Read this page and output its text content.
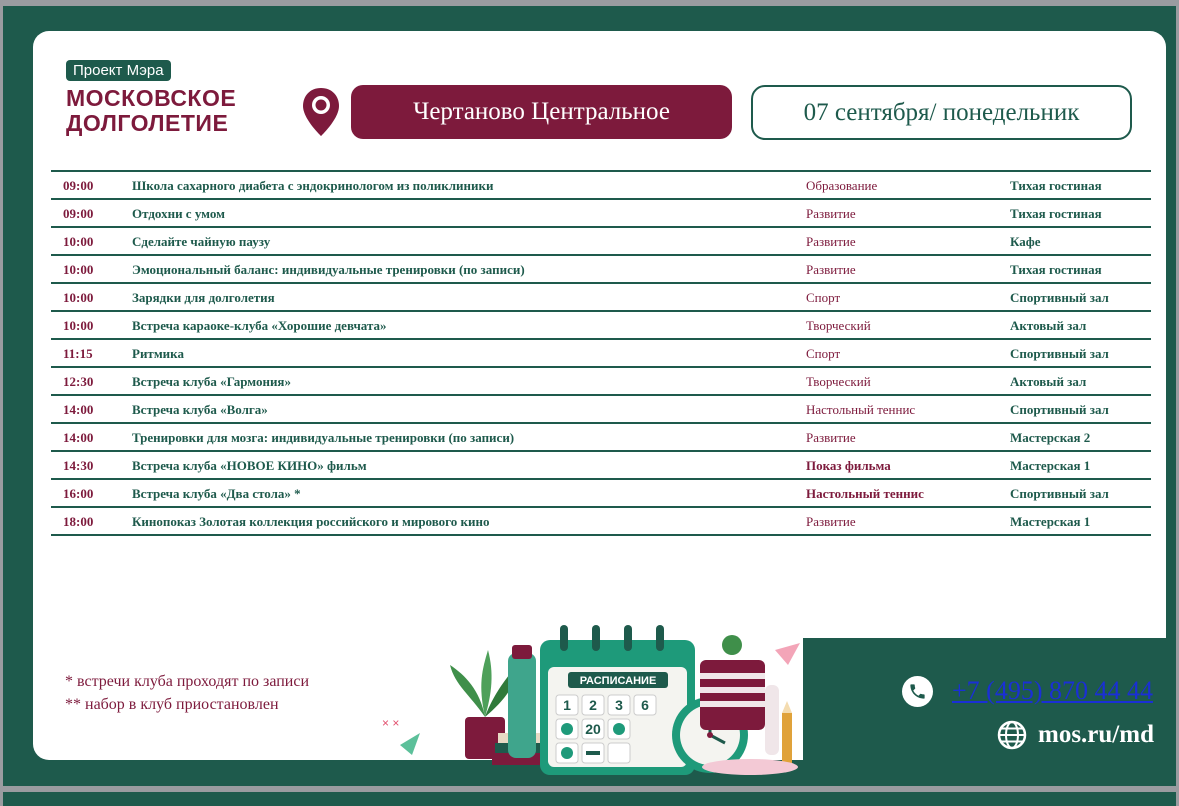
Проект Мэра
МОСКОВСКОЕ
ДОЛГОЛЕТИЕ	Чертаново Центральное	07 сентября/ понедельник
09:00	Школа сахарного диабета с эндокринологом из поликлиники	Образование	Тихая гостиная
09:00	Отдохни с умом	Развитие	Тихая гостиная
10:00	Сделайте чайную паузу	Развитие	Кафе
10:00	Эмоциональный баланс: индивидуальные тренировки (по записи)	Развитие	Тихая гостиная
10:00	Зарядки для долголетия	Спорт	Спортивный зал
10:00	Встреча караоке-клуба «Хорошие девчата»	Творческий	Актовый зал
11:15	Ритмика	Спорт	Спортивный зал
12:30	Встреча клуба «Гармония»	Творческий	Актовый зал
14:00	Встреча клуба «Волга»	Настольный теннис	Спортивный зал
14:00	Тренировки для мозга: индивидуальные тренировки (по записи)	Развитие	Мастерская 2
14:30	Встреча клуба «НОВОЕ КИНО» фильм	Показ фильма	Мастерская 1
16:00	Встреча клуба «Два стола» *	Настольный теннис	Спортивный зал
18:00	Кинопоказ Золотая коллекция российского и мирового кино	Развитие	Мастерская 1
* встречи клуба проходят по записи
** набор в клуб приостановлен
РАСПИСАНИЕ
1 2 3 6
20
× ×
+7 (495) 870 44 44
mos.ru/md
